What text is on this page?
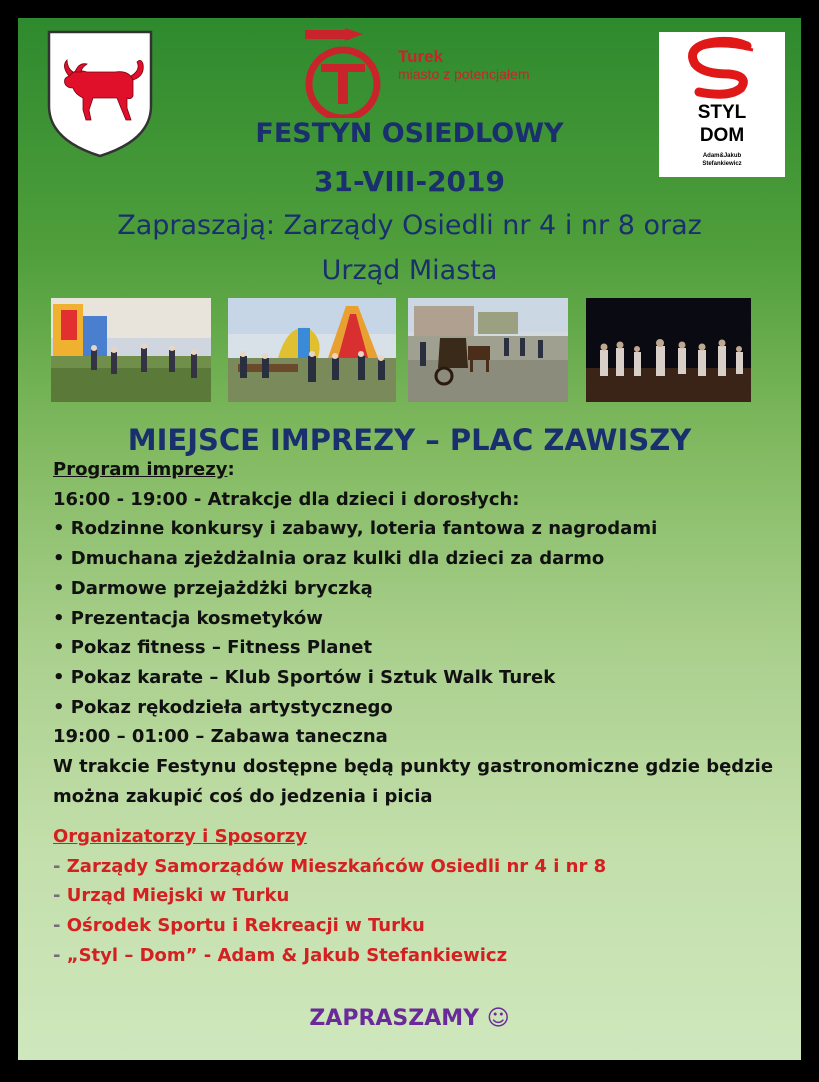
Turek
miasto z potencjałem
STYL
DOM
Adam&Jakub
Stefankiewicz
FESTYN OSIEDLOWY
31-VIII-2019
Zapraszają: Zarządy Osiedli nr 4 i nr 8 oraz
Urząd Miasta
MIEJSCE IMPREZY – PLAC ZAWISZY
Program imprezy:
16:00 - 19:00 - Atrakcje dla dzieci i dorosłych:
• Rodzinne konkursy i zabawy, loteria fantowa z nagrodami
• Dmuchana zjeżdżalnia oraz kulki dla dzieci za darmo
• Darmowe przejażdżki bryczką
• Prezentacja kosmetyków
• Pokaz fitness – Fitness Planet
• Pokaz karate – Klub Sportów i Sztuk Walk Turek
• Pokaz rękodzieła artystycznego
19:00 – 01:00 – Zabawa taneczna
W trakcie Festynu dostępne będą punkty gastronomiczne gdzie będzie
można zakupić coś do jedzenia i picia
Organizatorzy i Sposorzy
- Zarządy Samorządów Mieszkańców Osiedli nr 4 i nr 8
- Urząd Miejski w Turku
- Ośrodek Sportu i Rekreacji w Turku
- „Styl – Dom” - Adam & Jakub Stefankiewicz
ZAPRASZAMY ☺
